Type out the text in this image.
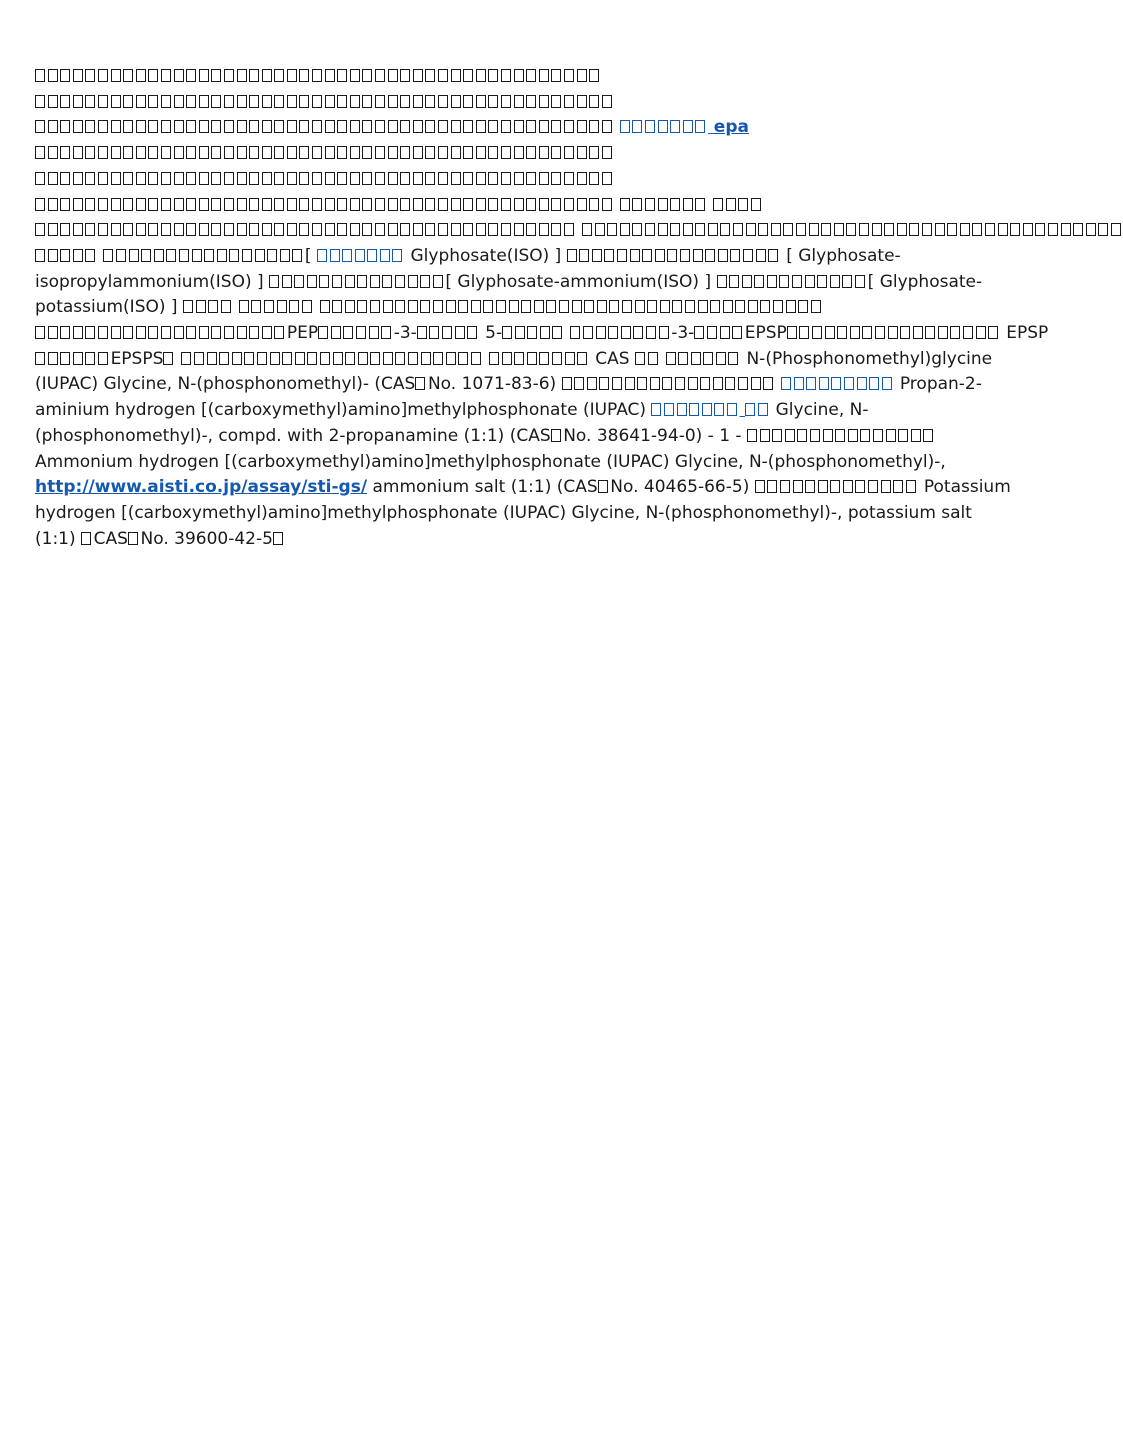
epa

[	Glyphosate(ISO) ]	[ Glyphosate-
isopropylammonium(ISO) ]	[ Glyphosate-ammonium(ISO) ]	[ Glyphosate-
potassium(ISO) ]
PEP	-3-	5-	-3-	EPSP	EPSP
EPSPS	CAS	N-(Phosphonomethyl)glycine
(IUPAC) Glycine, N-(phosphonomethyl)- (CAS No. 1071-83-6)	Propan-2-
aminium hydrogen [(carboxymethyl)amino]methylphosphonate (IUPAC)	Glycine, N-
(phosphonomethyl)-, compd. with 2-propanamine (1:1) (CAS No. 38641-94-0) - 1 -
Ammonium hydrogen [(carboxymethyl)amino]methylphosphonate (IUPAC) Glycine, N-(phosphonomethyl)-,
http://www.aisti.co.jp/assay/sti-gs/ ammonium salt (1:1) (CAS No. 40465-66-5)	Potassium
hydrogen [(carboxymethyl)amino]methylphosphonate (IUPAC) Glycine, N-(phosphonomethyl)-, potassium salt
(1:1) CAS No. 39600-42-5
